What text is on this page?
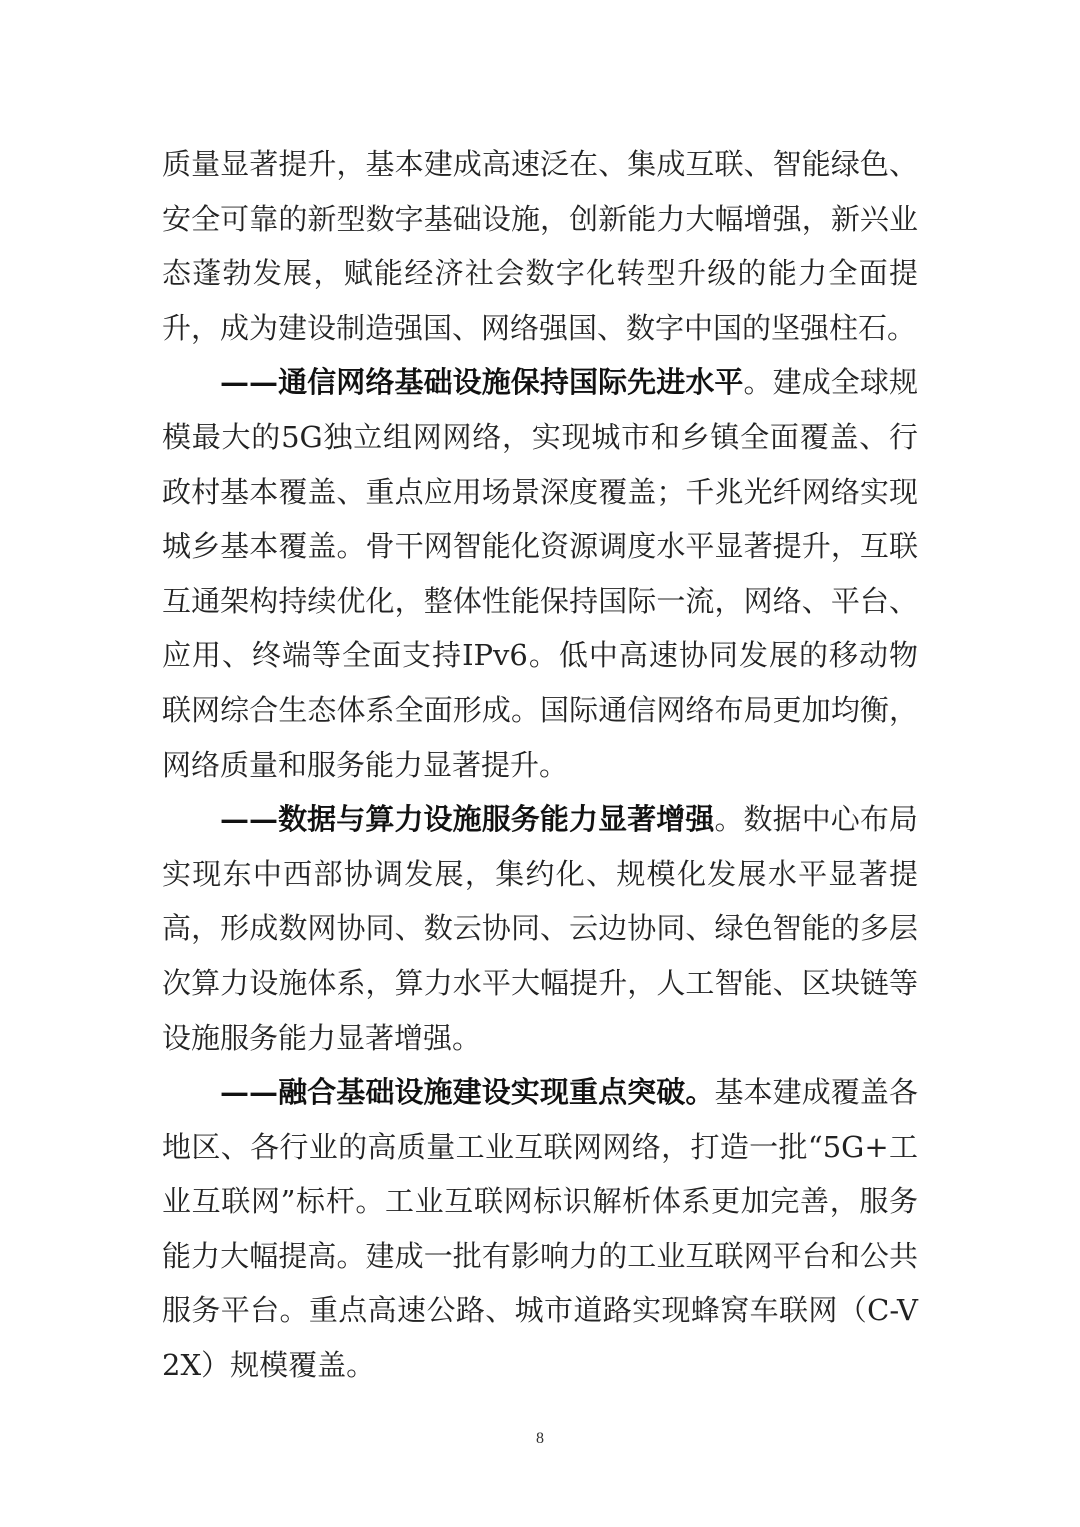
质量显著提升，基本建成高速泛在、集成互联、智能绿色、安全可靠的新型数字基础设施，创新能力大幅增强，新兴业态蓬勃发展，赋能经济社会数字化转型升级的能力全面提升，成为建设制造强国、网络强国、数字中国的坚强柱石。

——通信网络基础设施保持国际先进水平。建成全球规模最大的5G独立组网网络，实现城市和乡镇全面覆盖、行政村基本覆盖、重点应用场景深度覆盖；千兆光纤网络实现城乡基本覆盖。骨干网智能化资源调度水平显著提升，互联互通架构持续优化，整体性能保持国际一流，网络、平台、应用、终端等全面支持IPv6。低中高速协同发展的移动物联网综合生态体系全面形成。国际通信网络布局更加均衡，网络质量和服务能力显著提升。

——数据与算力设施服务能力显著增强。数据中心布局实现东中西部协调发展，集约化、规模化发展水平显著提高，形成数网协同、数云协同、云边协同、绿色智能的多层次算力设施体系，算力水平大幅提升，人工智能、区块链等设施服务能力显著增强。

——融合基础设施建设实现重点突破。基本建成覆盖各地区、各行业的高质量工业互联网网络，打造一批“5G+工业互联网”标杆。工业互联网标识解析体系更加完善，服务能力大幅提高。建成一批有影响力的工业互联网平台和公共服务平台。重点高速公路、城市道路实现蜂窝车联网（C-V2X）规模覆盖。

8
